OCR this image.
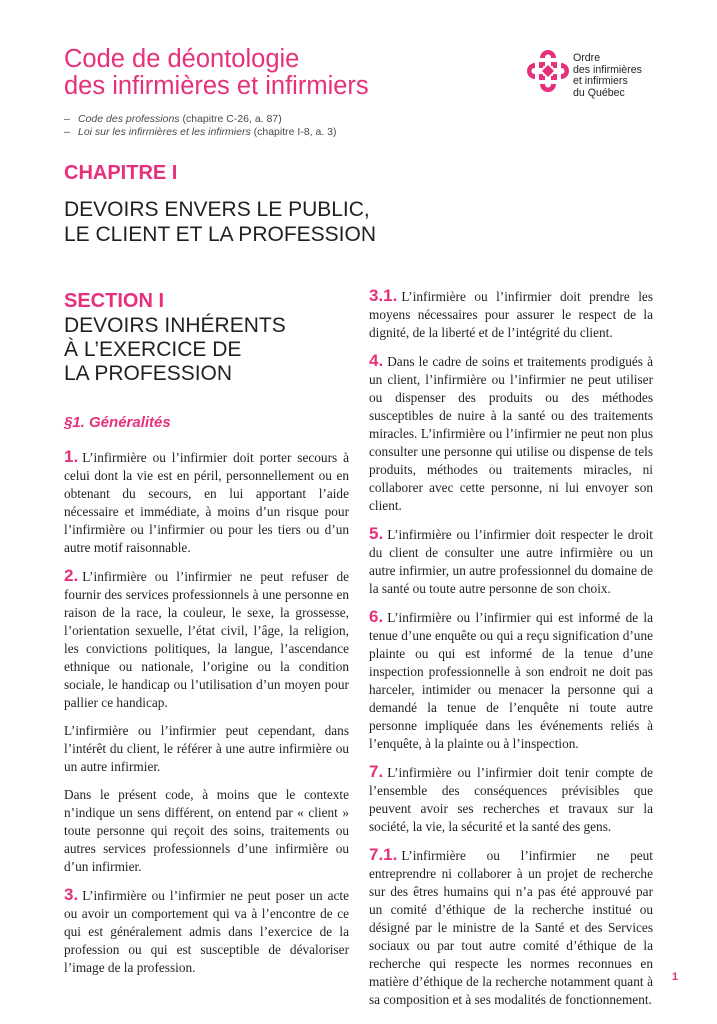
Code de déontologie
des infirmières et infirmiers
Ordre
des infirmières
et infirmiers
du Québec
– Code des professions (chapitre C-26, a. 87)
– Loi sur les infirmières et les infirmiers (chapitre I-8, a. 3)
CHAPITRE I
DEVOIRS ENVERS LE PUBLIC,
LE CLIENT ET LA PROFESSION
SECTION I
DEVOIRS INHÉRENTS
À L’EXERCICE DE
LA PROFESSION
§1. Généralités

1. L’infirmière ou l’infirmier doit porter secours à celui dont la vie est en péril, personnellement ou en obtenant du secours, en lui apportant l’aide nécessaire et immédiate, à moins d’un risque pour l’infirmière ou l’infirmier ou pour les tiers ou d’un autre motif raisonnable.

2. L’infirmière ou l’infirmier ne peut refuser de fournir des services professionnels à une personne en raison de la race, la couleur, le sexe, la grossesse, l’orientation sexuelle, l’état civil, l’âge, la religion, les convictions politiques, la langue, l’ascendance ethnique ou nationale, l’origine ou la condition sociale, le handicap ou l’utilisation d’un moyen pour pallier ce handicap.

L’infirmière ou l’infirmier peut cependant, dans l’intérêt du client, le référer à une autre infirmière ou un autre infirmier.

Dans le présent code, à moins que le contexte n’indique un sens différent, on entend par « client » toute personne qui reçoit des soins, traitements ou autres services professionnels d’une infirmière ou d’un infirmier.

3. L’infirmière ou l’infirmier ne peut poser un acte ou avoir un comportement qui va à l’encontre de ce qui est généralement admis dans l’exercice de la profession ou qui est susceptible de dévaloriser l’image de la profession.

3.1. L’infirmière ou l’infirmier doit prendre les moyens nécessaires pour assurer le respect de la dignité, de la liberté et de l’intégrité du client.

4. Dans le cadre de soins et traitements prodigués à un client, l’infirmière ou l’infirmier ne peut utiliser ou dispenser des produits ou des méthodes susceptibles de nuire à la santé ou des traitements miracles. L’infirmière ou l’infirmier ne peut non plus consulter une personne qui utilise ou dispense de tels produits, méthodes ou traitements miracles, ni collaborer avec cette personne, ni lui envoyer son client.

5. L’infirmière ou l’infirmier doit respecter le droit du client de consulter une autre infirmière ou un autre infirmier, un autre professionnel du domaine de la santé ou toute autre personne de son choix.

6. L’infirmière ou l’infirmier qui est informé de la tenue d’une enquête ou qui a reçu signification d’une plainte ou qui est informé de la tenue d’une inspection professionnelle à son endroit ne doit pas harceler, intimider ou menacer la personne qui a demandé la tenue de l’enquête ni toute autre personne impliquée dans les événements reliés à l’enquête, à la plainte ou à l’inspection.

7. L’infirmière ou l’infirmier doit tenir compte de l’ensemble des conséquences prévisibles que peuvent avoir ses recherches et travaux sur la société, la vie, la sécurité et la santé des gens.

7.1. L’infirmière ou l’infirmier ne peut entreprendre ni collaborer à un projet de recherche sur des êtres humains qui n’a pas été approuvé par un comité d’éthique de la recherche institué ou désigné par le ministre de la Santé et des Services sociaux ou par tout autre comité d’éthique de la recherche qui respecte les normes reconnues en matière d’éthique de la recherche notamment quant à sa composition et à ses modalités de fonctionnement.

1
